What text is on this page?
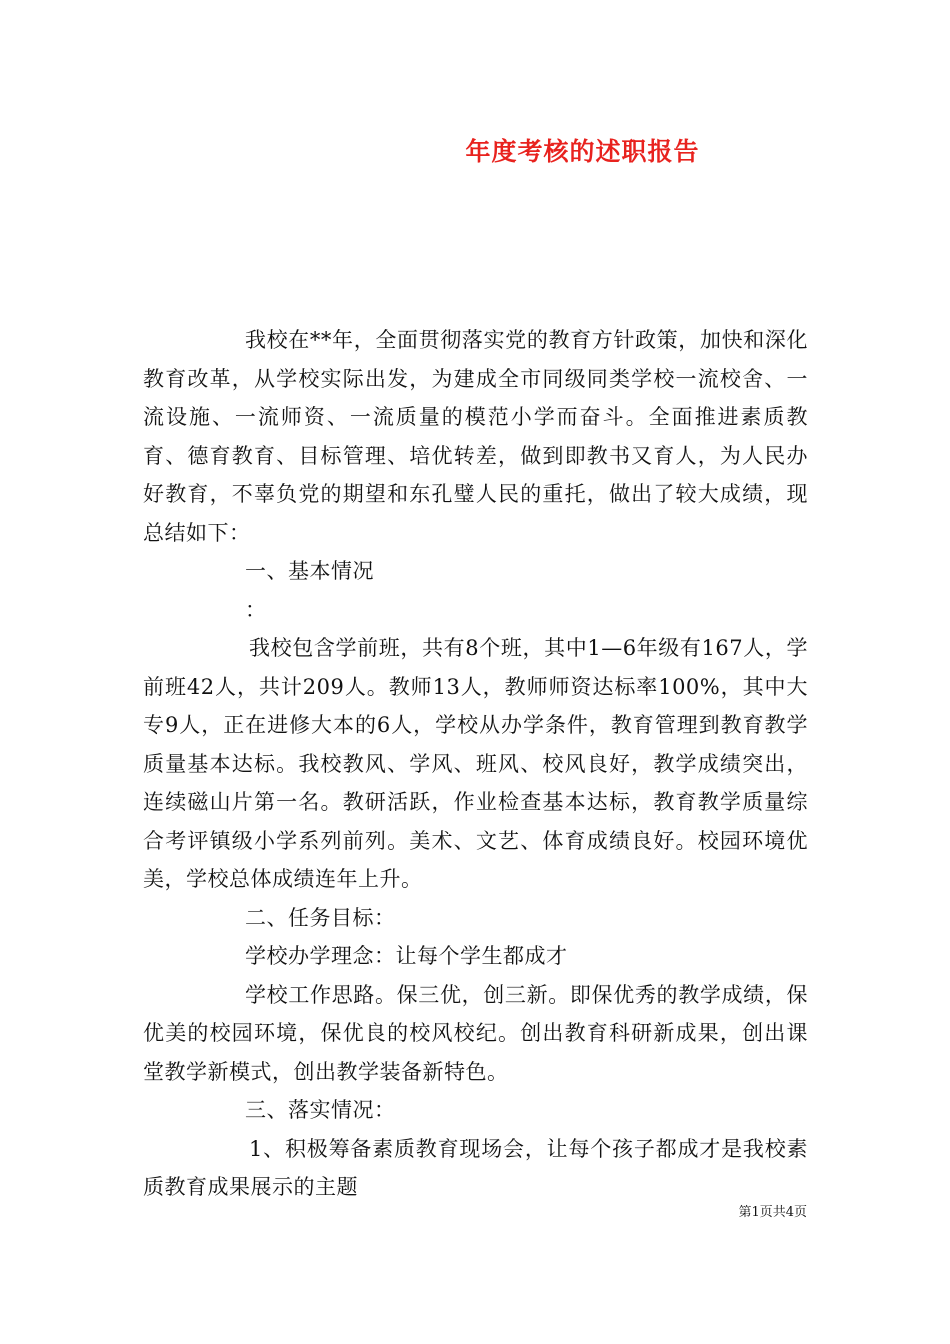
年度考核的述职报告

我校在**年，全面贯彻落实党的教育方针政策，加快和深化教育改革，从学校实际出发，为建成全市同级同类学校一流校舍、一流设施、一流师资、一流质量的模范小学而奋斗。全面推进素质教育、德育教育、目标管理、培优转差，做到即教书又育人，为人民办好教育，不辜负党的期望和东孔璧人民的重托，做出了较大成绩，现总结如下：

一、基本情况

：

我校包含学前班，共有8个班，其中1—6年级有167人，学前班42人，共计209人。教师13人，教师师资达标率100%，其中大专9人，正在进修大本的6人，学校从办学条件，教育管理到教育教学质量基本达标。我校教风、学风、班风、校风良好，教学成绩突出，连续磁山片第一名。教研活跃，作业检查基本达标，教育教学质量综合考评镇级小学系列前列。美术、文艺、体育成绩良好。校园环境优美，学校总体成绩连年上升。

二、任务目标：

学校办学理念：让每个学生都成才

学校工作思路。保三优，创三新。即保优秀的教学成绩，保优美的校园环境，保优良的校风校纪。创出教育科研新成果，创出课堂教学新模式，创出教学装备新特色。

三、落实情况：

1、积极筹备素质教育现场会，让每个孩子都成才是我校素质教育成果展示的主题

第1页共4页
